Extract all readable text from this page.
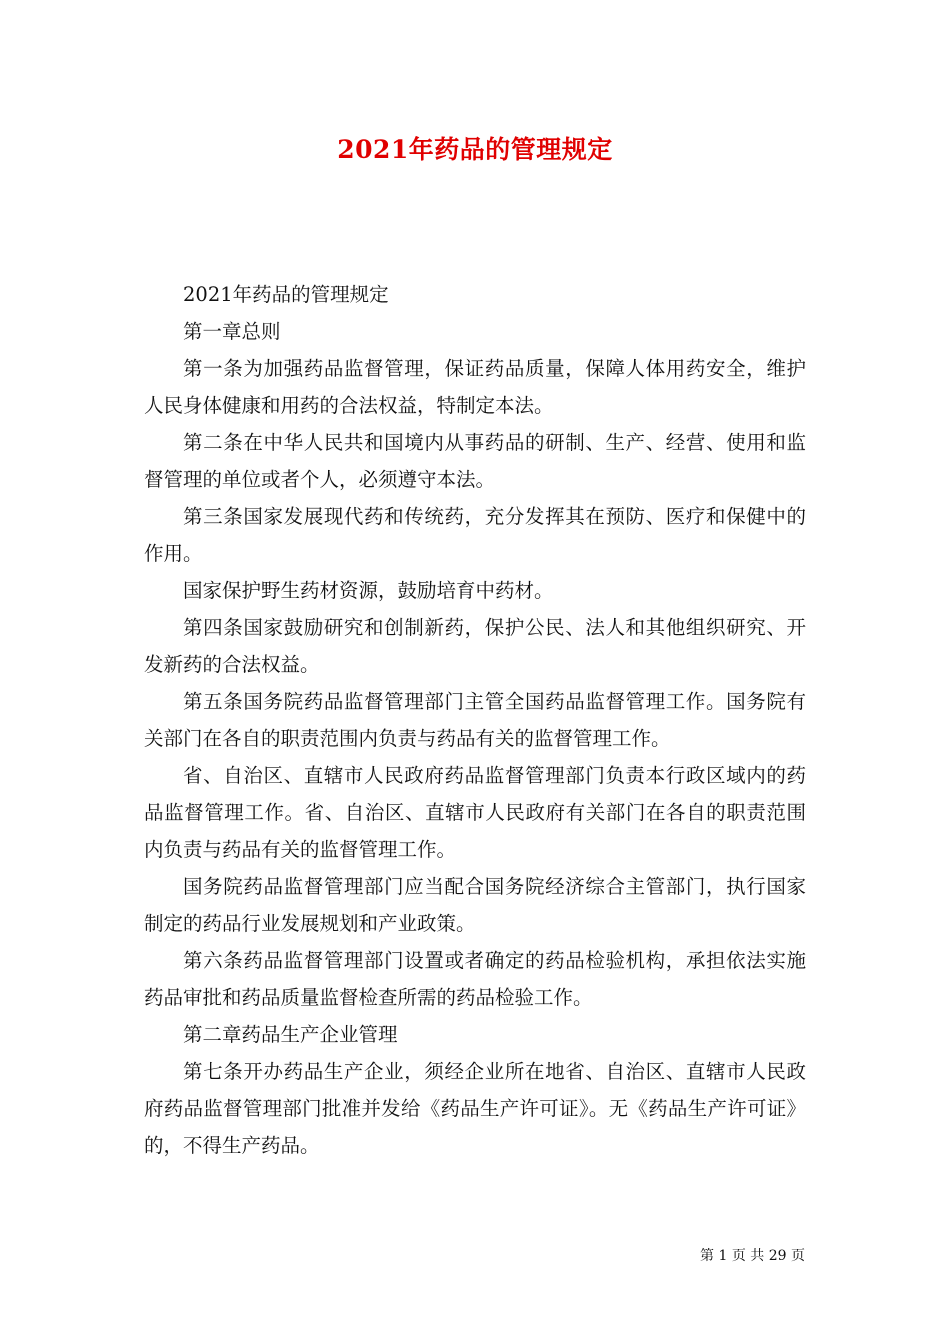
2021年药品的管理规定

2021年药品的管理规定

第一章总则

第一条为加强药品监督管理，保证药品质量，保障人体用药安全，维护人民身体健康和用药的合法权益，特制定本法。

第二条在中华人民共和国境内从事药品的研制、生产、经营、使用和监督管理的单位或者个人，必须遵守本法。

第三条国家发展现代药和传统药，充分发挥其在预防、医疗和保健中的作用。

国家保护野生药材资源，鼓励培育中药材。

第四条国家鼓励研究和创制新药，保护公民、法人和其他组织研究、开发新药的合法权益。

第五条国务院药品监督管理部门主管全国药品监督管理工作。国务院有关部门在各自的职责范围内负责与药品有关的监督管理工作。

省、自治区、直辖市人民政府药品监督管理部门负责本行政区域内的药品监督管理工作。省、自治区、直辖市人民政府有关部门在各自的职责范围内负责与药品有关的监督管理工作。

国务院药品监督管理部门应当配合国务院经济综合主管部门，执行国家制定的药品行业发展规划和产业政策。

第六条药品监督管理部门设置或者确定的药品检验机构，承担依法实施药品审批和药品质量监督检查所需的药品检验工作。

第二章药品生产企业管理

第七条开办药品生产企业，须经企业所在地省、自治区、直辖市人民政府药品监督管理部门批准并发给《药品生产许可证》。无《药品生产许可证》的，不得生产药品。

第 1 页 共 29 页
